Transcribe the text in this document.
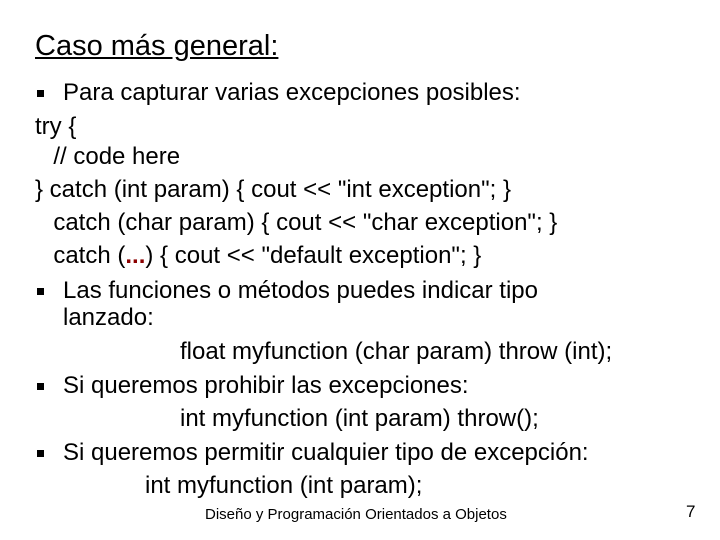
Caso más general:
Para capturar varias excepciones posibles:
try {
// code here
} catch (int param) { cout << "int exception"; }
catch (char param) { cout << "char exception"; }
catch (...) { cout << "default exception"; }
Las funciones o métodos puedes indicar tipo
lanzado:
float myfunction (char param) throw (int);
Si queremos prohibir las excepciones:
int myfunction (int param) throw();
Si queremos permitir cualquier tipo de excepción:
int myfunction (int param);
Diseño y Programación Orientados a Objetos	7
